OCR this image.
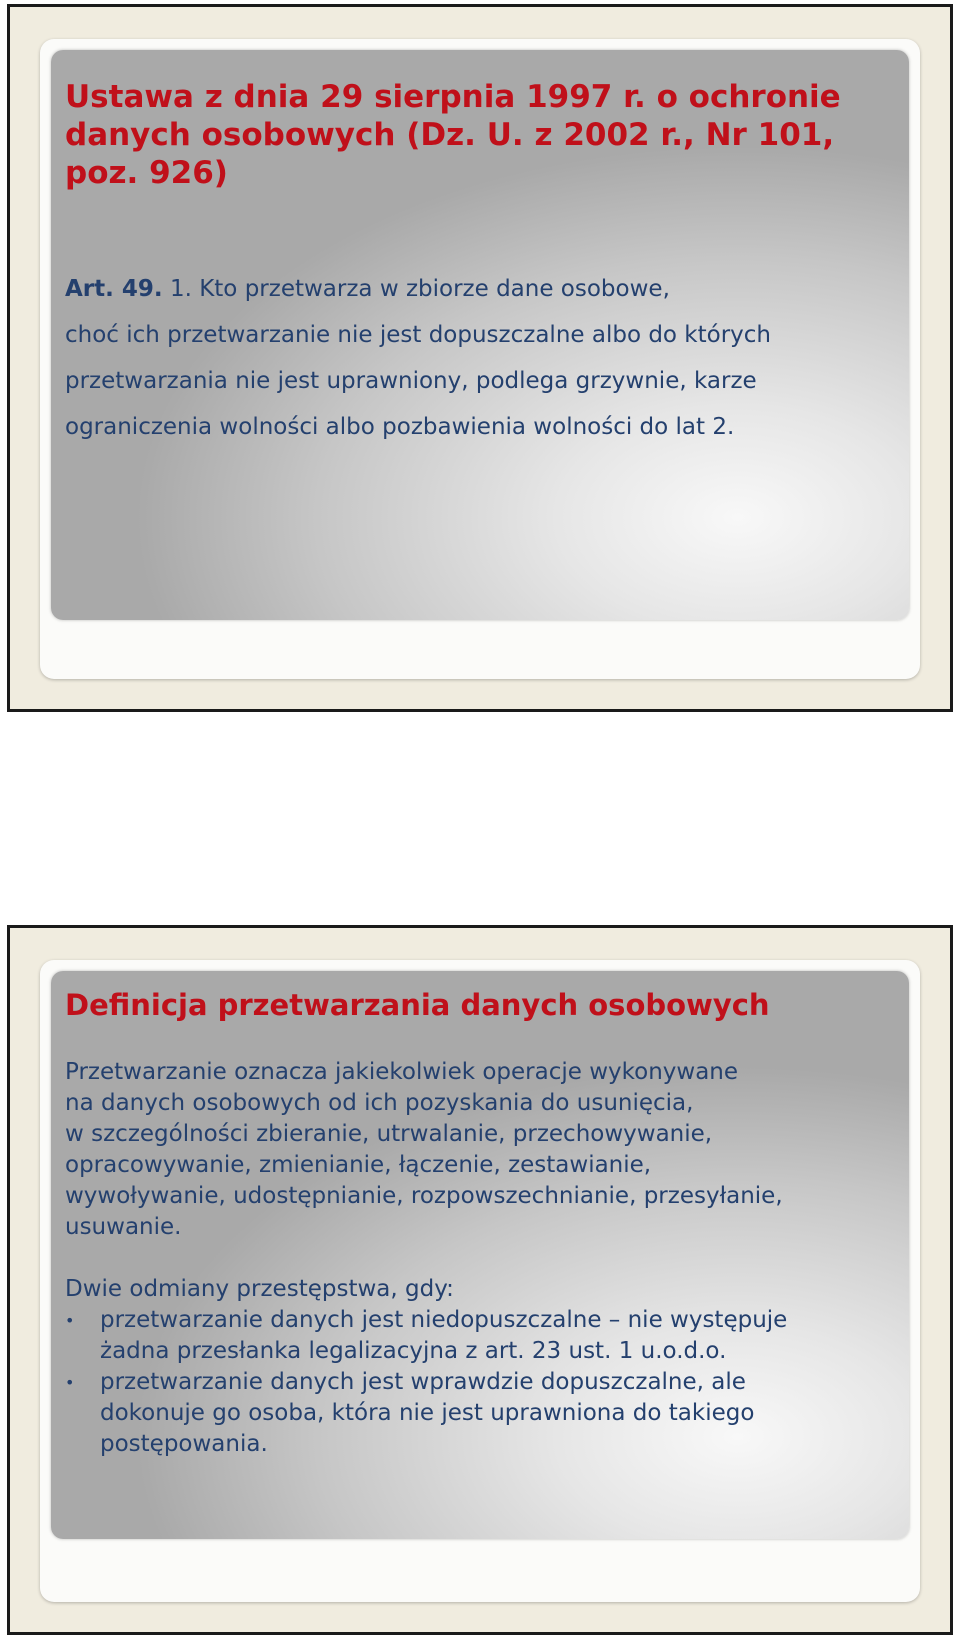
Ustawa z dnia 29 sierpnia 1997 r. o ochronie
danych osobowych (Dz. U. z 2002 r., Nr 101,
poz. 926)
Art. 49. 1. Kto przetwarza w zbiorze dane osobowe,
choć ich przetwarzanie nie jest dopuszczalne albo do których
przetwarzania nie jest uprawniony, podlega grzywnie, karze
ograniczenia wolności albo pozbawienia wolności do lat 2.
Definicja przetwarzania danych osobowych
Przetwarzanie oznacza jakiekolwiek operacje wykonywane
na danych osobowych od ich pozyskania do usunięcia,
w szczególności zbieranie, utrwalanie, przechowywanie,
opracowywanie, zmienianie, łączenie, zestawianie,
wywoływanie, udostępnianie, rozpowszechnianie, przesyłanie,
usuwanie.
Dwie odmiany przestępstwa, gdy:
• przetwarzanie danych jest niedopuszczalne – nie występuje
żadna przesłanka legalizacyjna z art. 23 ust. 1 u.o.d.o.
• przetwarzanie danych jest wprawdzie dopuszczalne, ale
dokonuje go osoba, która nie jest uprawniona do takiego
postępowania.
